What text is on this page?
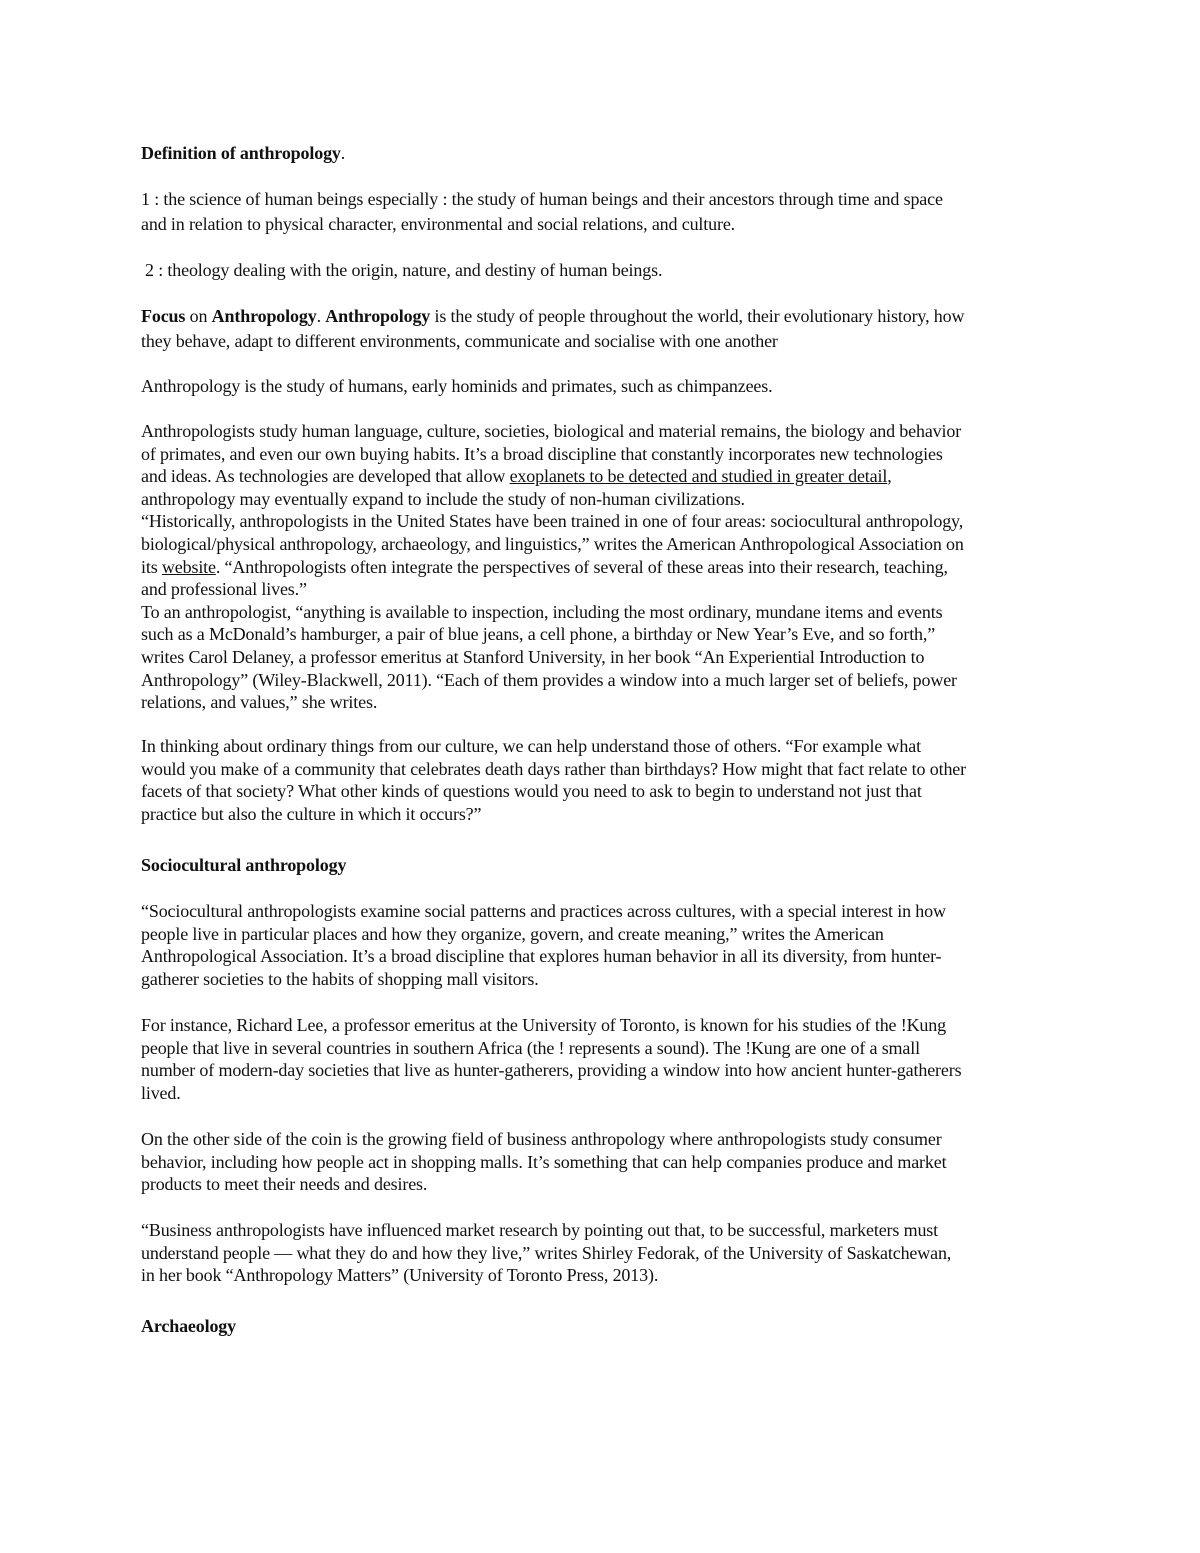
Definition of anthropology.

1 : the science of human beings especially : the study of human beings and their ancestors through time and space
and in relation to physical character, environmental and social relations, and culture.

2 : theology dealing with the origin, nature, and destiny of human beings.

Focus on Anthropology. Anthropology is the study of people throughout the world, their evolutionary history, how
they behave, adapt to different environments, communicate and socialise with one another

Anthropology is the study of humans, early hominids and primates, such as chimpanzees.

Anthropologists study human language, culture, societies, biological and material remains, the biology and behavior
of primates, and even our own buying habits. It’s a broad discipline that constantly incorporates new technologies
and ideas. As technologies are developed that allow exoplanets to be detected and studied in greater detail,
anthropology may eventually expand to include the study of non-human civilizations.
“Historically, anthropologists in the United States have been trained in one of four areas: sociocultural anthropology,
biological/physical anthropology, archaeology, and linguistics,” writes the American Anthropological Association on
its website. “Anthropologists often integrate the perspectives of several of these areas into their research, teaching,
and professional lives.”
To an anthropologist, “anything is available to inspection, including the most ordinary, mundane items and events
such as a McDonald’s hamburger, a pair of blue jeans, a cell phone, a birthday or New Year’s Eve, and so forth,”
writes Carol Delaney, a professor emeritus at Stanford University, in her book “An Experiential Introduction to
Anthropology” (Wiley-Blackwell, 2011). “Each of them provides a window into a much larger set of beliefs, power
relations, and values,” she writes.

In thinking about ordinary things from our culture, we can help understand those of others. “For example what
would you make of a community that celebrates death days rather than birthdays? How might that fact relate to other
facets of that society? What other kinds of questions would you need to ask to begin to understand not just that
practice but also the culture in which it occurs?”

Sociocultural anthropology

“Sociocultural anthropologists examine social patterns and practices across cultures, with a special interest in how
people live in particular places and how they organize, govern, and create meaning,” writes the American
Anthropological Association. It’s a broad discipline that explores human behavior in all its diversity, from hunter-
gatherer societies to the habits of shopping mall visitors.

For instance, Richard Lee, a professor emeritus at the University of Toronto, is known for his studies of the !Kung
people that live in several countries in southern Africa (the ! represents a sound). The !Kung are one of a small
number of modern-day societies that live as hunter-gatherers, providing a window into how ancient hunter-gatherers
lived.

On the other side of the coin is the growing field of business anthropology where anthropologists study consumer
behavior, including how people act in shopping malls. It’s something that can help companies produce and market
products to meet their needs and desires.

“Business anthropologists have influenced market research by pointing out that, to be successful, marketers must
understand people — what they do and how they live,” writes Shirley Fedorak, of the University of Saskatchewan,
in her book “Anthropology Matters” (University of Toronto Press, 2013).

Archaeology
